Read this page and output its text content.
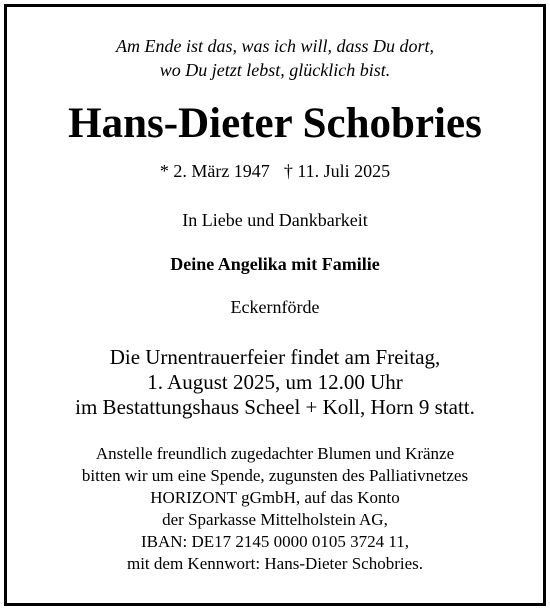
Am Ende ist das, was ich will, dass Du dort,
wo Du jetzt lebst, glücklich bist.
Hans-Dieter Schobries
* 2. März 1947 † 11. Juli 2025
In Liebe und Dankbarkeit
Deine Angelika mit Familie
Eckernförde
Die Urnentrauerfeier findet am Freitag,
1. August 2025, um 12.00 Uhr
im Bestattungshaus Scheel + Koll, Horn 9 statt.
Anstelle freundlich zugedachter Blumen und Kränze
bitten wir um eine Spende, zugunsten des Palliativnetzes
HORIZONT gGmbH, auf das Konto
der Sparkasse Mittelholstein AG,
IBAN: DE17 2145 0000 0105 3724 11,
mit dem Kennwort: Hans-Dieter Schobries.
